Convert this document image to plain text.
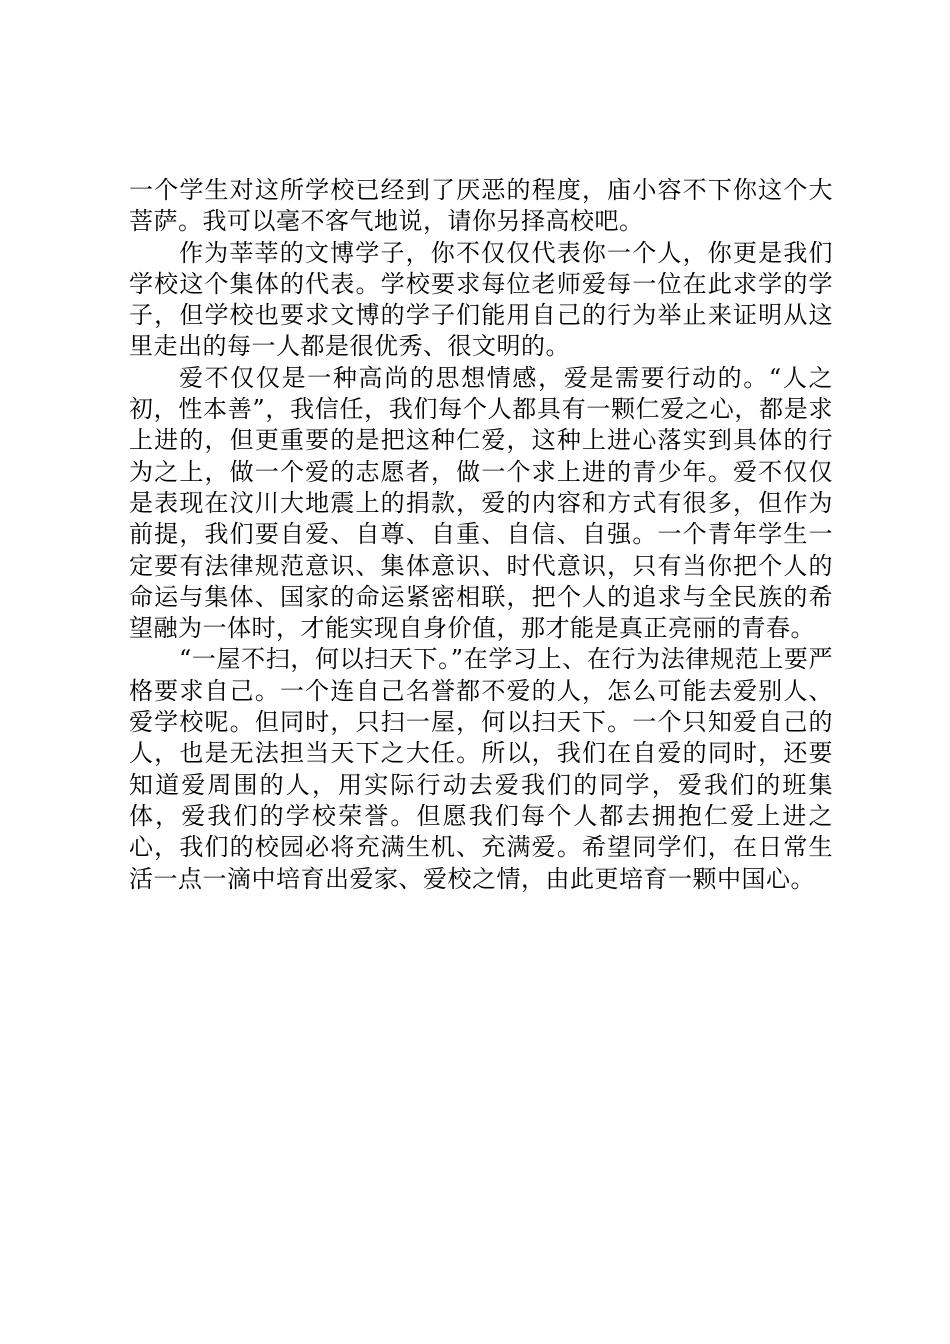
一个学生对这所学校已经到了厌恶的程度，庙小容不下你这个大菩萨。我可以毫不客气地说，请你另择高校吧。

作为莘莘的文博学子，你不仅仅代表你一个人，你更是我们学校这个集体的代表。学校要求每位老师爱每一位在此求学的学子，但学校也要求文博的学子们能用自己的行为举止来证明从这里走出的每一人都是很优秀、很文明的。

爱不仅仅是一种高尚的思想情感，爱是需要行动的。“人之初，性本善”，我信任，我们每个人都具有一颗仁爱之心，都是求上进的，但更重要的是把这种仁爱，这种上进心落实到具体的行为之上，做一个爱的志愿者，做一个求上进的青少年。爱不仅仅是表现在汶川大地震上的捐款，爱的内容和方式有很多，但作为前提，我们要自爱、自尊、自重、自信、自强。一个青年学生一定要有法律规范意识、集体意识、时代意识，只有当你把个人的命运与集体、国家的命运紧密相联，把个人的追求与全民族的希望融为一体时，才能实现自身价值，那才能是真正亮丽的青春。

“一屋不扫，何以扫天下。”在学习上、在行为法律规范上要严格要求自己。一个连自己名誉都不爱的人，怎么可能去爱别人、爱学校呢。但同时，只扫一屋，何以扫天下。一个只知爱自己的人，也是无法担当天下之大任。所以，我们在自爱的同时，还要知道爱周围的人，用实际行动去爱我们的同学，爱我们的班集体，爱我们的学校荣誉。但愿我们每个人都去拥抱仁爱上进之心，我们的校园必将充满生机、充满爱。希望同学们，在日常生活一点一滴中培育出爱家、爱校之情，由此更培育一颗中国心。
